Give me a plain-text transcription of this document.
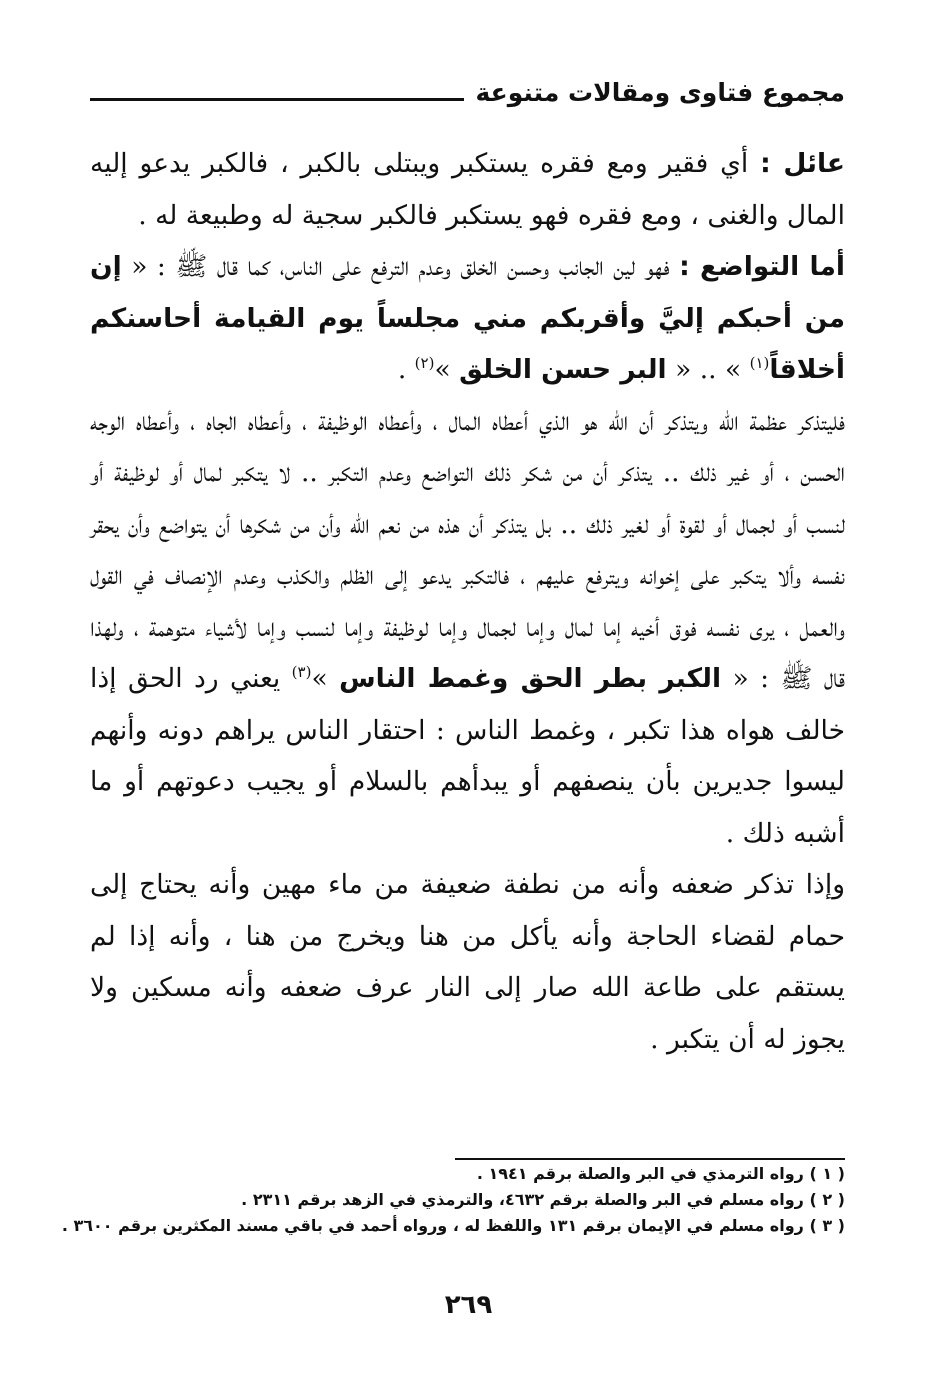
مجموع فتاوى ومقالات متنوعة

عائل : أي فقير ومع فقره يستكبر ويبتلى بالكبر ، فالكبر يدعو إليه المال والغنى ، ومع فقره فهو يستكبر فالكبر سجية له وطبيعة له .

أما التواضع : فهو لين الجانب وحسن الخلق وعدم الترفع على الناس، كما قال ﷺ : « إن من أحبكم إليَّ وأقربكم مني مجلساً يوم القيامة أحاسنكم أخلاقاً$^{(١)}$ » .. « البر حسن الخلق »$^{(٢)}$ .

فليتذكر عظمة الله ويتذكر أن الله هو الذي أعطاه المال ، وأعطاه الوظيفة ، وأعطاه الجاه ، وأعطاه الوجه الحسن ، أو غير ذلك .. يتذكر أن من شكر ذلك التواضع وعدم التكبر .. لا يتكبر لمال أو لوظيفة أو لنسب أو لجمال أو لقوة أو لغير ذلك .. بل يتذكر أن هذه من نعم الله وأن من شكرها أن يتواضع وأن يحقر نفسه وألا يتكبر على إخوانه ويترفع عليهم ، فالتكبر يدعو إلى الظلم والكذب وعدم الإنصاف في القول والعمل ، يرى نفسه فوق أخيه إما لمال وإما لجمال وإما لوظيفة وإما لنسب وإما لأشياء متوهمة ، ولهذا قال ﷺ : « الكبر بطر الحق وغمط الناس »$^{(٣)}$ يعني رد الحق إذا خالف هواه هذا تكبر ، وغمط الناس : احتقار الناس يراهم دونه وأنهم ليسوا جديرين بأن ينصفهم أو يبدأهم بالسلام أو يجيب دعوتهم أو ما أشبه ذلك .

وإذا تذكر ضعفه وأنه من نطفة ضعيفة من ماء مهين وأنه يحتاج إلى حمام لقضاء الحاجة وأنه يأكل من هنا ويخرج من هنا ، وأنه إذا لم يستقم على طاعة الله صار إلى النار عرف ضعفه وأنه مسكين ولا يجوز له أن يتكبر .

( ١ ) رواه الترمذي في البر والصلة برقم ١٩٤١ .
( ٢ ) رواه مسلم في البر والصلة برقم ٤٦٣٢، والترمذي في الزهد برقم ٢٣١١ .
( ٣ ) رواه مسلم في الإيمان برقم ١٣١ واللفظ له ، ورواه أحمد في باقي مسند المكثرين برقم ٣٦٠٠ .
٢٦٩
